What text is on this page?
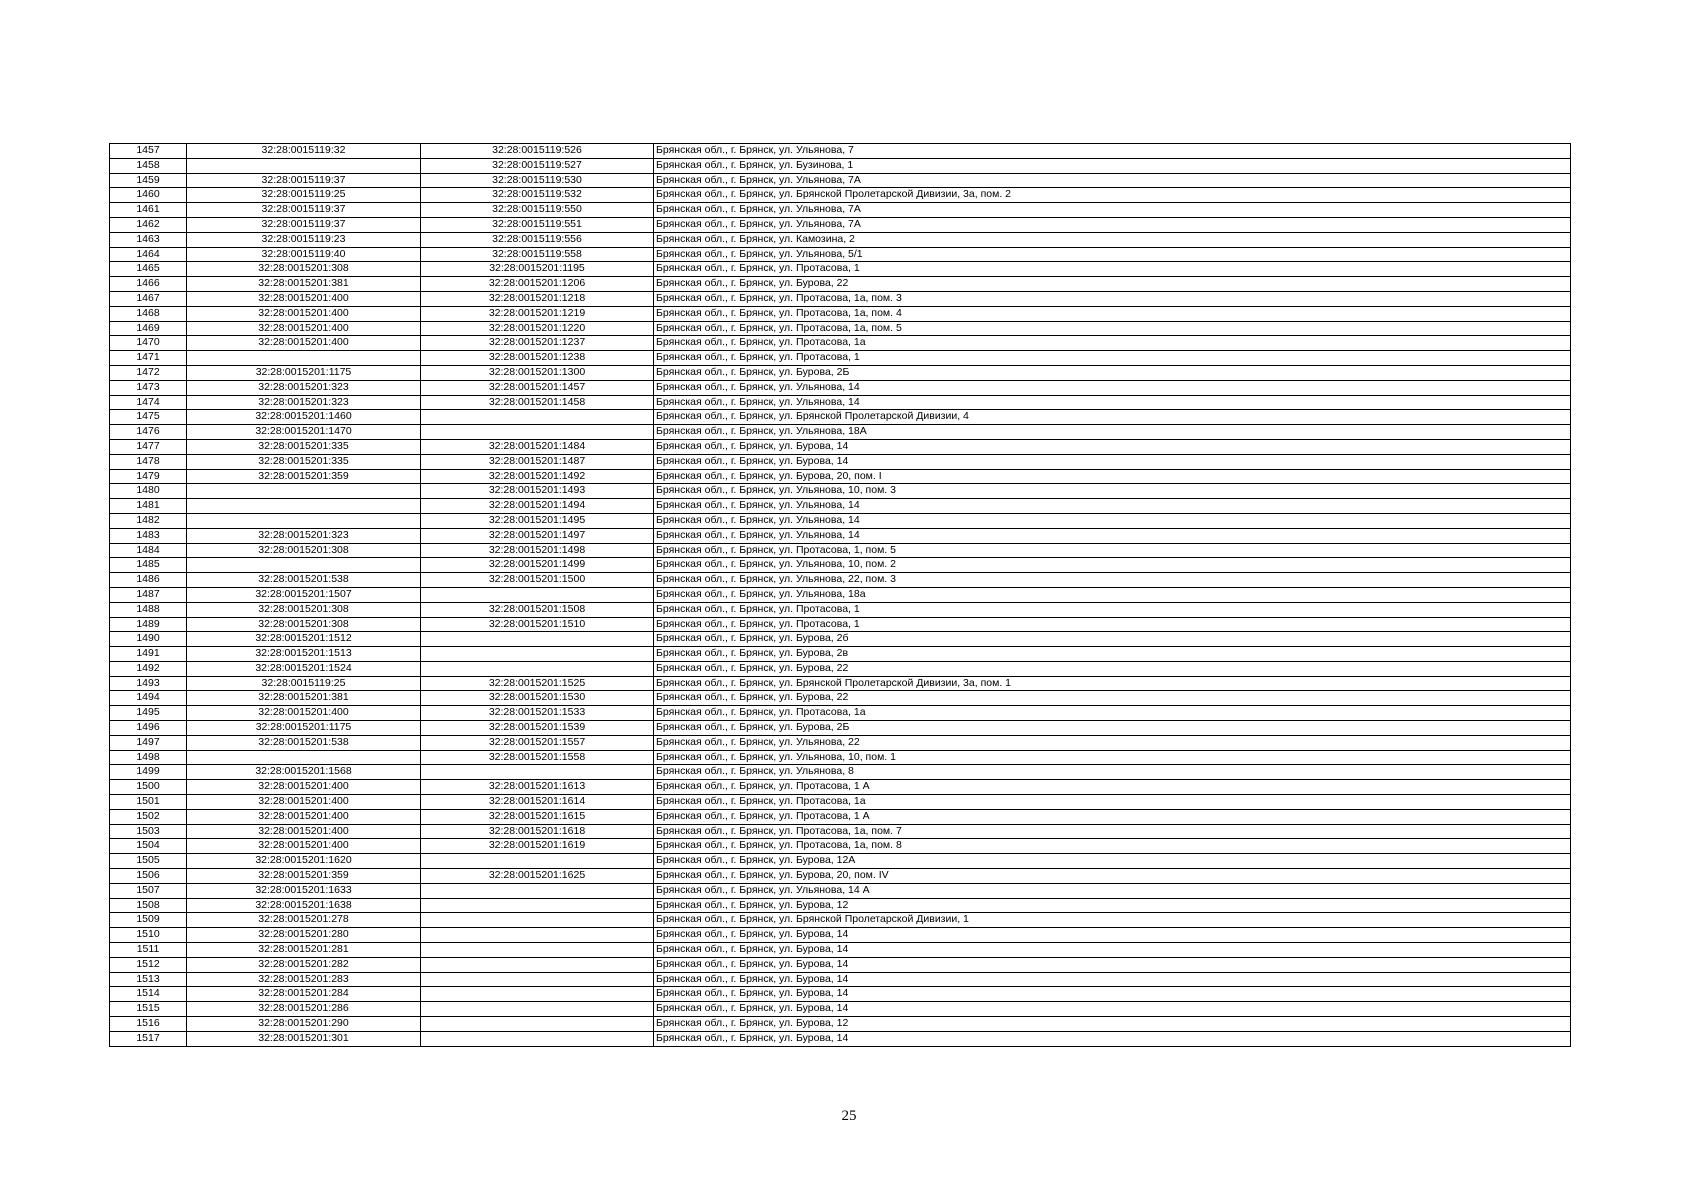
1457	32:28:0015119:32	32:28:0015119:526	Брянская обл., г. Брянск, ул. Ульянова, 7
1458		32:28:0015119:527	Брянская обл., г. Брянск, ул. Бузинова, 1
1459	32:28:0015119:37	32:28:0015119:530	Брянская обл., г. Брянск, ул. Ульянова, 7А
1460	32:28:0015119:25	32:28:0015119:532	Брянская обл., г. Брянск, ул. Брянской Пролетарской Дивизии, 3а, пом. 2
1461	32:28:0015119:37	32:28:0015119:550	Брянская обл., г. Брянск, ул. Ульянова, 7А
1462	32:28:0015119:37	32:28:0015119:551	Брянская обл., г. Брянск, ул. Ульянова, 7А
1463	32:28:0015119:23	32:28:0015119:556	Брянская обл., г. Брянск, ул. Камозина, 2
1464	32:28:0015119:40	32:28:0015119:558	Брянская обл., г. Брянск, ул. Ульянова, 5/1
1465	32:28:0015201:308	32:28:0015201:1195	Брянская обл., г. Брянск, ул. Протасова, 1
1466	32:28:0015201:381	32:28:0015201:1206	Брянская обл., г. Брянск, ул. Бурова, 22
1467	32:28:0015201:400	32:28:0015201:1218	Брянская обл., г. Брянск, ул. Протасова, 1а, пом. 3
1468	32:28:0015201:400	32:28:0015201:1219	Брянская обл., г. Брянск, ул. Протасова, 1а, пом. 4
1469	32:28:0015201:400	32:28:0015201:1220	Брянская обл., г. Брянск, ул. Протасова, 1а, пом. 5
1470	32:28:0015201:400	32:28:0015201:1237	Брянская обл., г. Брянск, ул. Протасова, 1а
1471		32:28:0015201:1238	Брянская обл., г. Брянск, ул. Протасова, 1
1472	32:28:0015201:1175	32:28:0015201:1300	Брянская обл., г. Брянск, ул. Бурова, 2Б
1473	32:28:0015201:323	32:28:0015201:1457	Брянская обл., г. Брянск, ул. Ульянова, 14
1474	32:28:0015201:323	32:28:0015201:1458	Брянская обл., г. Брянск, ул. Ульянова, 14
1475	32:28:0015201:1460		Брянская обл., г. Брянск, ул. Брянской Пролетарской Дивизии, 4
1476	32:28:0015201:1470		Брянская обл., г. Брянск, ул. Ульянова, 18А
1477	32:28:0015201:335	32:28:0015201:1484	Брянская обл., г. Брянск, ул. Бурова, 14
1478	32:28:0015201:335	32:28:0015201:1487	Брянская обл., г. Брянск, ул. Бурова, 14
1479	32:28:0015201:359	32:28:0015201:1492	Брянская обл., г. Брянск, ул. Бурова, 20, пом. I
1480		32:28:0015201:1493	Брянская обл., г. Брянск, ул. Ульянова, 10, пом. 3
1481		32:28:0015201:1494	Брянская обл., г. Брянск, ул. Ульянова, 14
1482		32:28:0015201:1495	Брянская обл., г. Брянск, ул. Ульянова, 14
1483	32:28:0015201:323	32:28:0015201:1497	Брянская обл., г. Брянск, ул. Ульянова, 14
1484	32:28:0015201:308	32:28:0015201:1498	Брянская обл., г. Брянск, ул. Протасова, 1, пом. 5
1485		32:28:0015201:1499	Брянская обл., г. Брянск, ул. Ульянова, 10, пом. 2
1486	32:28:0015201:538	32:28:0015201:1500	Брянская обл., г. Брянск, ул. Ульянова, 22, пом. 3
1487	32:28:0015201:1507		Брянская обл., г. Брянск, ул. Ульянова, 18а
1488	32:28:0015201:308	32:28:0015201:1508	Брянская обл., г. Брянск, ул. Протасова, 1
1489	32:28:0015201:308	32:28:0015201:1510	Брянская обл., г. Брянск, ул. Протасова, 1
1490	32:28:0015201:1512		Брянская обл., г. Брянск, ул. Бурова, 2б
1491	32:28:0015201:1513		Брянская обл., г. Брянск, ул. Бурова, 2в
1492	32:28:0015201:1524		Брянская обл., г. Брянск, ул. Бурова, 22
1493	32:28:0015119:25	32:28:0015201:1525	Брянская обл., г. Брянск, ул. Брянской Пролетарской Дивизии, 3а, пом. 1
1494	32:28:0015201:381	32:28:0015201:1530	Брянская обл., г. Брянск, ул. Бурова, 22
1495	32:28:0015201:400	32:28:0015201:1533	Брянская обл., г. Брянск, ул. Протасова, 1а
1496	32:28:0015201:1175	32:28:0015201:1539	Брянская обл., г. Брянск, ул. Бурова, 2Б
1497	32:28:0015201:538	32:28:0015201:1557	Брянская обл., г. Брянск, ул. Ульянова, 22
1498		32:28:0015201:1558	Брянская обл., г. Брянск, ул. Ульянова, 10, пом. 1
1499	32:28:0015201:1568		Брянская обл., г. Брянск, ул. Ульянова, 8
1500	32:28:0015201:400	32:28:0015201:1613	Брянская обл., г. Брянск, ул. Протасова, 1 А
1501	32:28:0015201:400	32:28:0015201:1614	Брянская обл., г. Брянск, ул. Протасова, 1а
1502	32:28:0015201:400	32:28:0015201:1615	Брянская обл., г. Брянск, ул. Протасова, 1 А
1503	32:28:0015201:400	32:28:0015201:1618	Брянская обл., г. Брянск, ул. Протасова, 1а, пом. 7
1504	32:28:0015201:400	32:28:0015201:1619	Брянская обл., г. Брянск, ул. Протасова, 1а, пом. 8
1505	32:28:0015201:1620		Брянская обл., г. Брянск, ул. Бурова, 12А
1506	32:28:0015201:359	32:28:0015201:1625	Брянская обл., г. Брянск, ул. Бурова, 20, пом. IV
1507	32:28:0015201:1633		Брянская обл., г. Брянск, ул. Ульянова, 14 А
1508	32:28:0015201:1638		Брянская обл., г. Брянск, ул. Бурова, 12
1509	32:28:0015201:278		Брянская обл., г. Брянск, ул. Брянской Пролетарской Дивизии, 1
1510	32:28:0015201:280		Брянская обл., г. Брянск, ул. Бурова, 14
1511	32:28:0015201:281		Брянская обл., г. Брянск, ул. Бурова, 14
1512	32:28:0015201:282		Брянская обл., г. Брянск, ул. Бурова, 14
1513	32:28:0015201:283		Брянская обл., г. Брянск, ул. Бурова, 14
1514	32:28:0015201:284		Брянская обл., г. Брянск, ул. Бурова, 14
1515	32:28:0015201:286		Брянская обл., г. Брянск, ул. Бурова, 14
1516	32:28:0015201:290		Брянская обл., г. Брянск, ул. Бурова, 12
1517	32:28:0015201:301		Брянская обл., г. Брянск, ул. Бурова, 14
25
